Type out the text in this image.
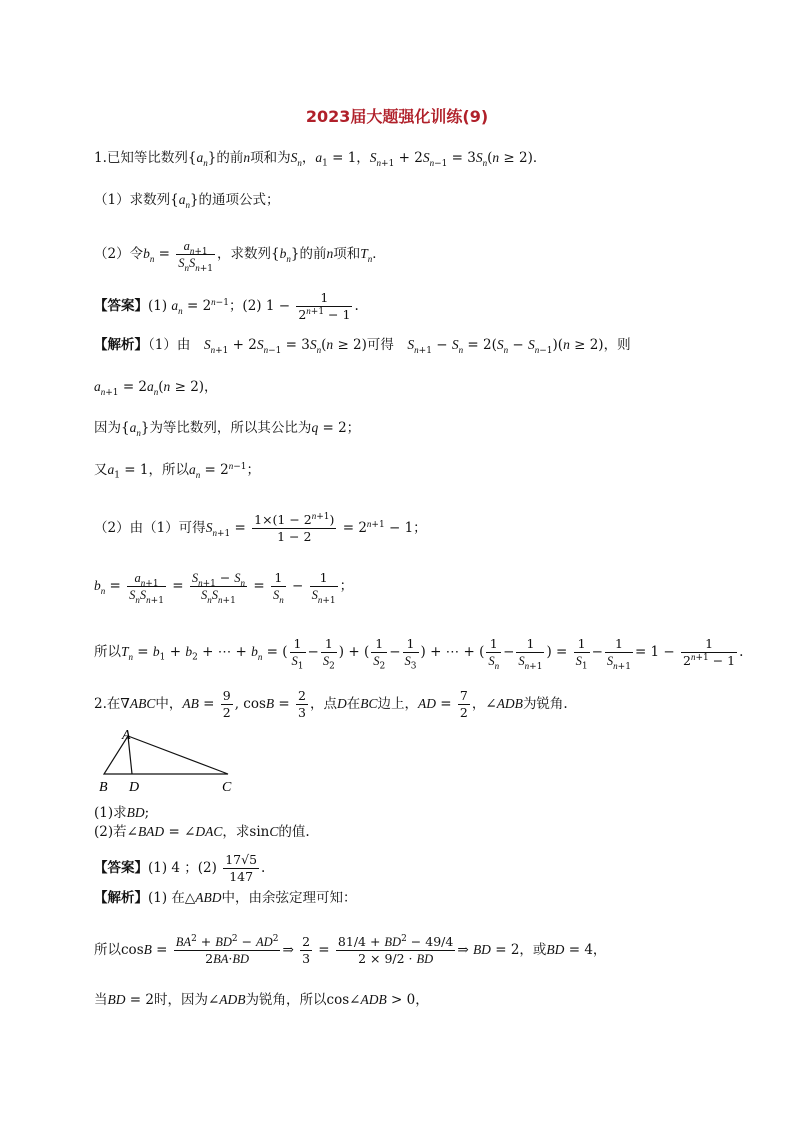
2023届大题强化训练(9)
1.已知等比数列$\{a_n\}$的前n项和为$S_n$，$a_1 = 1$，$S_{n+1} + 2S_{n-1} = 3S_n(n \ge 2)$．
（1）求数列$\{a_n\}$的通项公式；
（2）令$b_n = \frac{a_{n+1}}{S_nS_{n+1}}$ ，求数列$\{b_n\}$的前n项和$T_n$．
【答案】(1) $a_n = 2^{n-1}$；(2) $1 - \frac{1}{2^{n+1} - 1}$ .
【解析】（1）由　 $S_{n+1} + 2S_{n-1} = 3S_n(n \ge 2)$可得　 $S_{n+1} - S_n = 2(S_n - S_{n-1})(n \ge 2)$，则
$a_{n+1} = 2a_n(n \ge 2)$，
因为$\{a_n\}$为等比数列，所以其公比为q = 2；
又$a_1 = 1$，所以$a_n = 2^{n-1}$；
（2）由（1）可得$S_{n+1} = \frac{1\times(1 - 2^{n+1})}{1 - 2} = 2^{n+1} - 1$；
$b_n = \frac{a_{n+1}}{S_nS_{n+1}} = \frac{S_{n+1} - S_n}{S_nS_{n+1}} = \frac{1}{S_n} - \frac{1}{S_{n+1}}$ ；
所以$T_n = b_1 + b_2$ + ⋯ + $b_n$ = ( $\frac{1}{S_1} - \frac{1}{S_2}$ ) + ( $\frac{1}{S_2} - \frac{1}{S_3}$ ) + ⋯ + ( $\frac{1}{S_n} - \frac{1}{S_{n+1}}$ ) = $\frac{1}{S_1} - \frac{1}{S_{n+1}} = 1 - \frac{1}{2^{n+1} - 1}$ .
2.在∇ABC中，AB = $\frac{9}{2}$ , $\cos B = \frac{2}{3}$ ，点D在BC边上，AD = $\frac{7}{2}$ ，∠ADB为锐角.
A
B D	C
(1)求BD;
(2)若∠BAD = ∠DAC，求sinC的值.
【答案】(1) 4 ；$(2) \frac{17√5}{147}$ .
【解析】(1) 在△ABD中，由余弦定理可知：
所以$\cos B = \frac{BA^2 + BD^2 - AD^2}{2BA\cdot BD}$ ⇒ $\frac{2}{3} = \frac{81/4 + BD^2 - 49/4}{2 \times 9/2 \cdot BD}$ ⇒ BD = 2，或BD = 4，
当BD = 2时，因为∠ADB为锐角，所以cos∠ADB > 0，
